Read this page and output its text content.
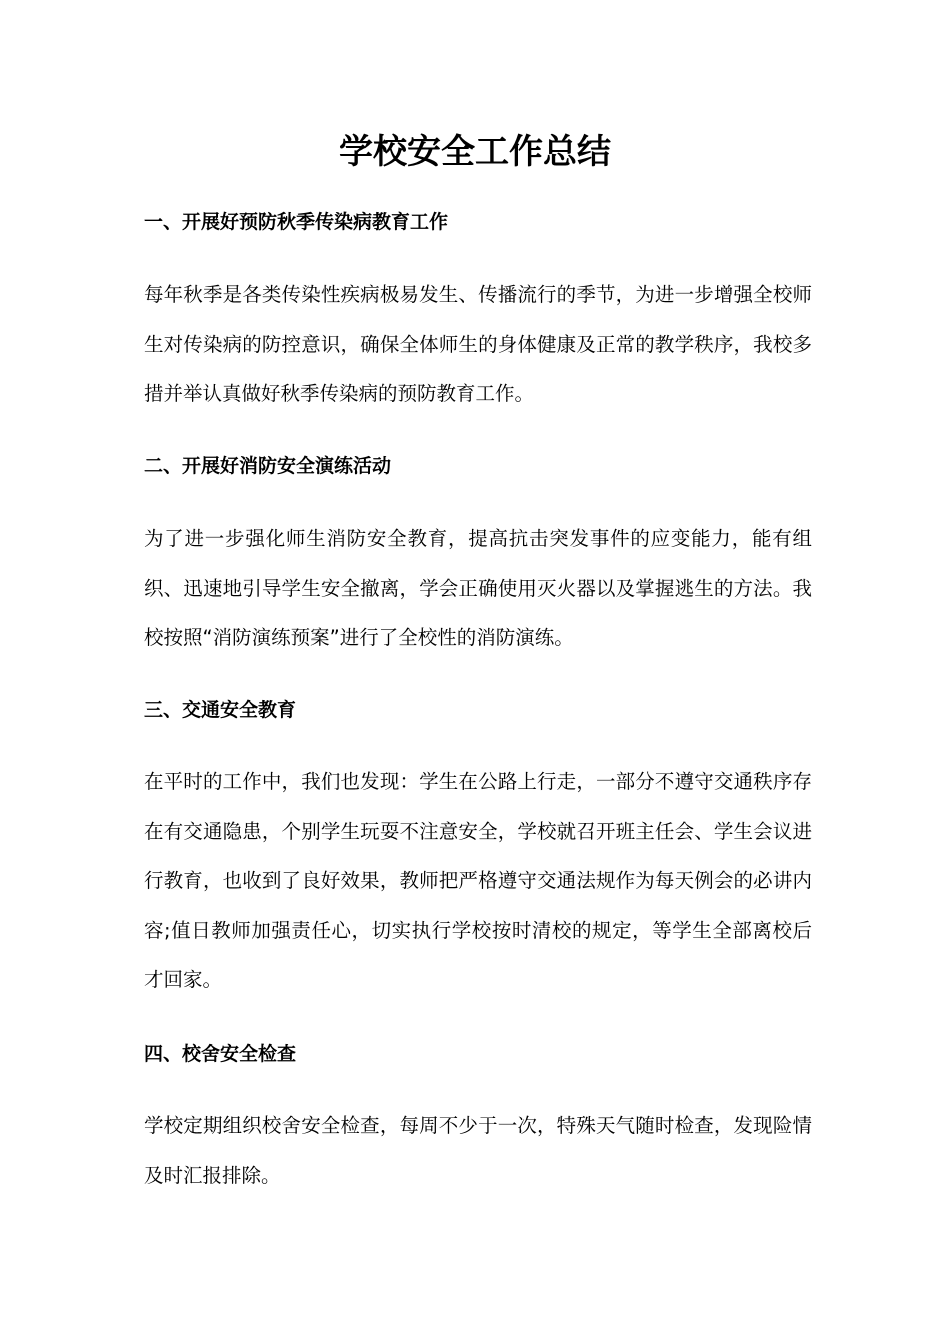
学校安全工作总结
一、开展好预防秋季传染病教育工作

每年秋季是各类传染性疾病极易发生、传播流行的季节，为进一步增强全校师生对传染病的防控意识，确保全体师生的身体健康及正常的教学秩序，我校多措并举认真做好秋季传染病的预防教育工作。

二、开展好消防安全演练活动

为了进一步强化师生消防安全教育，提高抗击突发事件的应变能力，能有组织、迅速地引导学生安全撤离，学会正确使用灭火器以及掌握逃生的方法。我校按照“消防演练预案”进行了全校性的消防演练。

三、交通安全教育

在平时的工作中，我们也发现：学生在公路上行走，一部分不遵守交通秩序存在有交通隐患，个别学生玩耍不注意安全，学校就召开班主任会、学生会议进行教育，也收到了良好效果，教师把严格遵守交通法规作为每天例会的必讲内容;值日教师加强责任心，切实执行学校按时清校的规定，等学生全部离校后才回家。

四、校舍安全检查

学校定期组织校舍安全检查，每周不少于一次，特殊天气随时检查，发现险情及时汇报排除。
